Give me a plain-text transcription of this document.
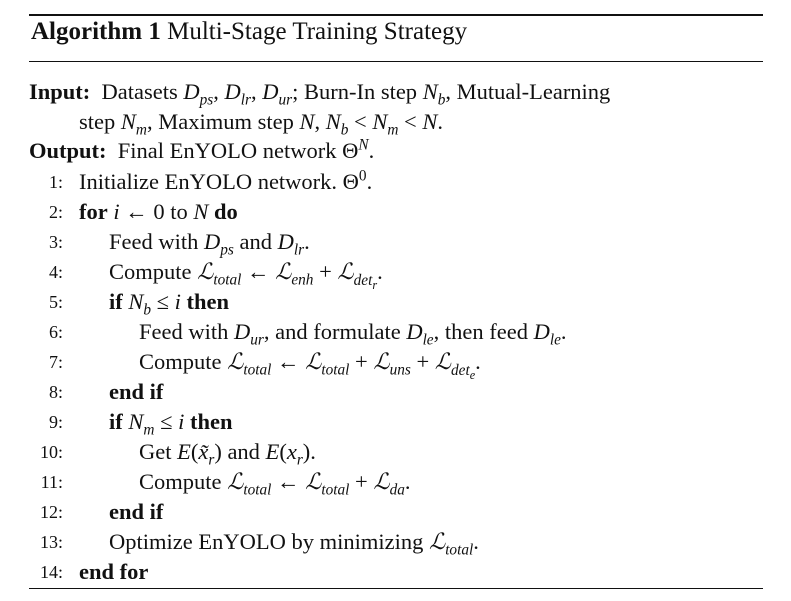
Algorithm 1 Multi-Stage Training Strategy
Input: Datasets $D_{ps}$, $D_{lr}$, $D_{ur}$; Burn-In step $N_b$, Mutual-Learning
step $N_m$, Maximum step N, $N_b < N_m < N$.
Output: Final EnYOLO network $\Theta^N$.
1: Initialize EnYOLO network. $\Theta^0$.
2: for i ← 0 to N do
3: Feed with $D_{ps}$ and $D_{lr}$.
4: Compute ℒ$_{total}$ ← ℒ$_{enh}$ + ℒ$_{det_r}$.
5: if $N_b \le i$ then
6:	Feed with $D_{ur}$, and formulate $D_{le}$, then feed $D_{le}$.
7:	Compute ℒ$_{total}$ ← ℒ$_{total}$ + ℒ$_{uns}$ + ℒ$_{det_e}$.
8: end if
9: if $N_m \le i$ then
10:	Get $E(x̃_r)$ and $E(x_r)$.
11:	Compute ℒ$_{total}$ ← ℒ$_{total}$ + ℒ$_{da}$.
12: end if
13: Optimize EnYOLO by minimizing ℒ$_{total}$.
14: end for
